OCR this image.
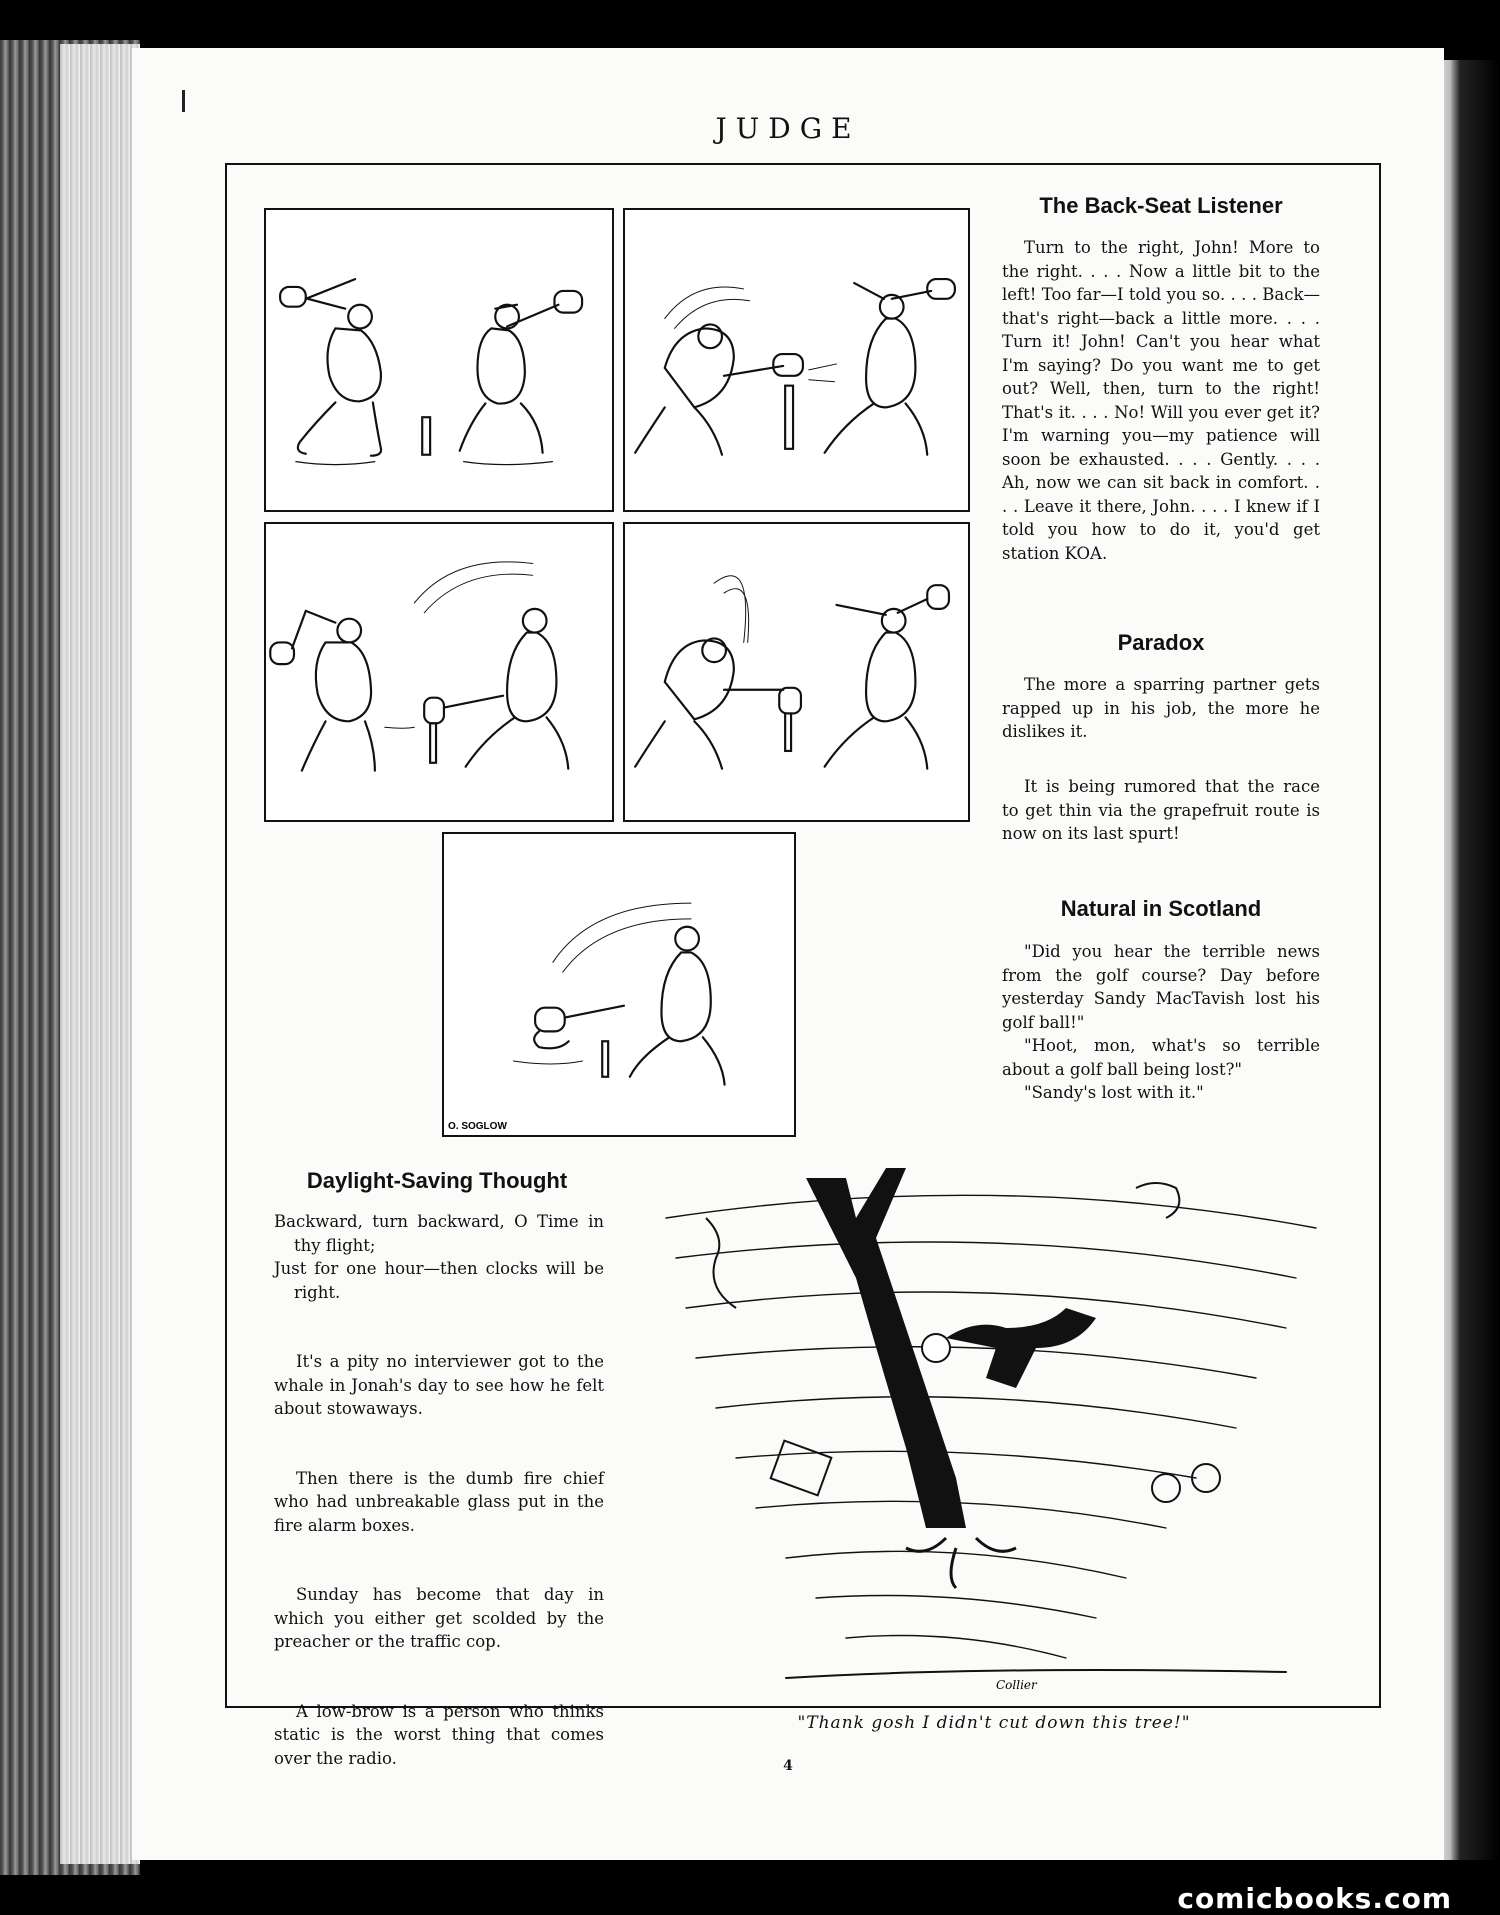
JUDGE
O. SOGLOW
Collier
"Thank gosh I didn't cut down this tree!"
The Back-Seat Listener

Turn to the right, John! More to the right. . . . Now a little bit to the left! Too far—I told you so. . . . Back—that's right—back a little more. . . . Turn it! John! Can't you hear what I'm saying? Do you want me to get out? Well, then, turn to the right! That's it. . . . No! Will you ever get it? I'm warning you—my patience will soon be exhausted. . . . Gently. . . . Ah, now we can sit back in comfort. . . . Leave it there, John. . . . I knew if I told you how to do it, you'd get station KOA.

Paradox

The more a sparring partner gets rapped up in his job, the more he dislikes it.

It is being rumored that the race to get thin via the grapefruit route is now on its last spurt!

Natural in Scotland

"Did you hear the terrible news from the golf course? Day before yesterday Sandy MacTavish lost his golf ball!"

"Hoot, mon, what's so terrible about a golf ball being lost?"

"Sandy's lost with it."

Daylight-Saving Thought

Backward, turn backward, O Time in thy flight;

Just for one hour—then clocks will be right.

It's a pity no interviewer got to the whale in Jonah's day to see how he felt about stowaways.

Then there is the dumb fire chief who had unbreakable glass put in the fire alarm boxes.

Sunday has become that day in which you either get scolded by the preacher or the traffic cop.

A low-brow is a person who thinks static is the worst thing that comes over the radio.	4
comicbooks.com
